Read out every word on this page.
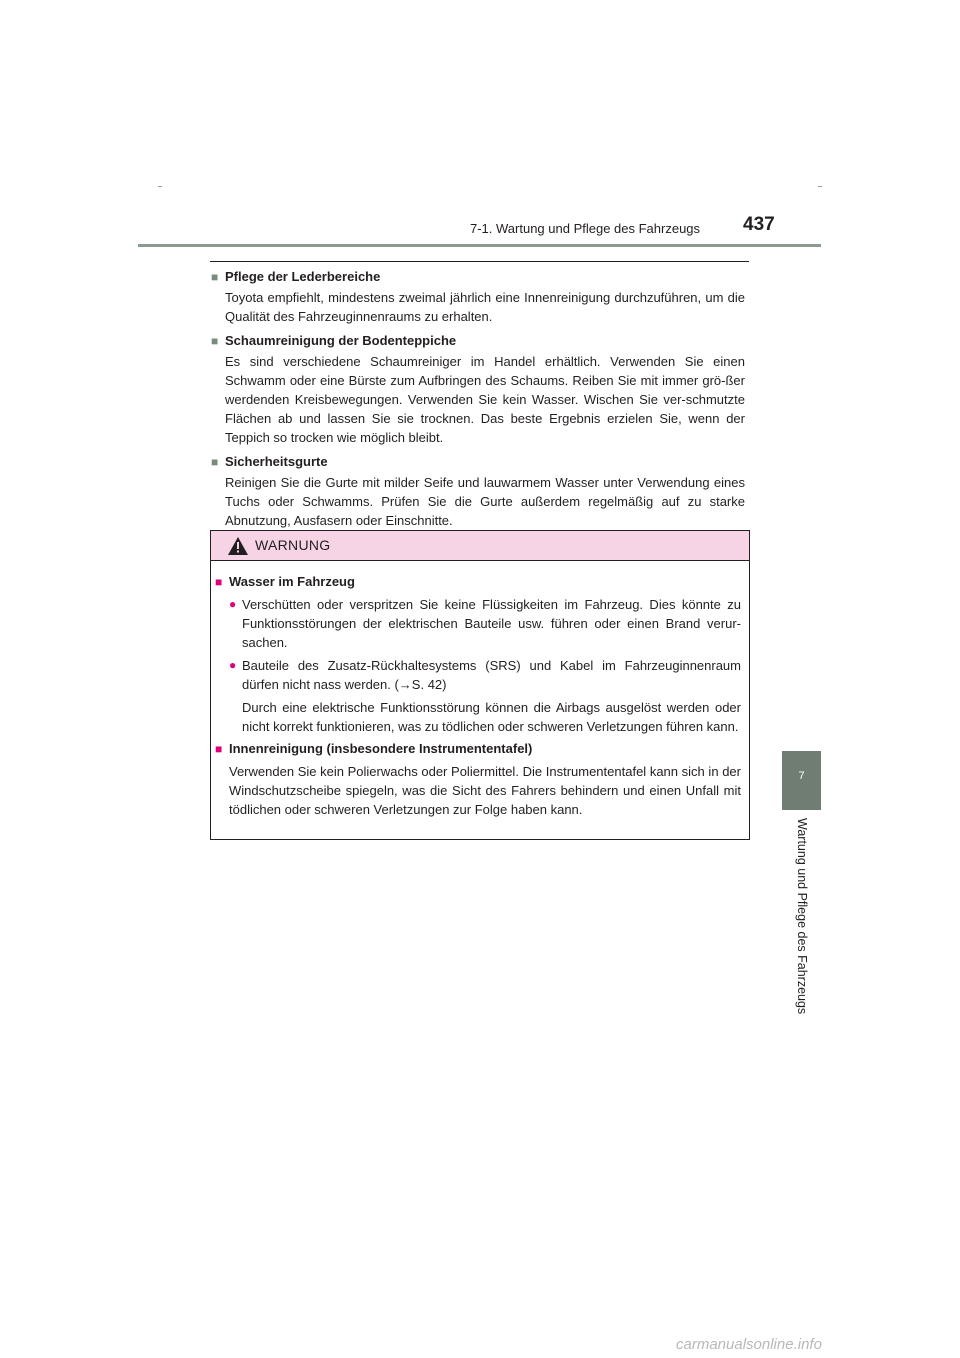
7-1. Wartung und Pflege des Fahrzeugs 437
7
Wartung und Pflege des Fahrzeugs
■ Pflege der Lederbereiche
Toyota empfiehlt, mindestens zweimal jährlich eine Innenreinigung durchzuführen, um die Qualität des Fahrzeuginnenraums zu erhalten.
■ Schaumreinigung der Bodenteppiche
Es sind verschiedene Schaumreiniger im Handel erhältlich. Verwenden Sie einen Schwamm oder eine Bürste zum Aufbringen des Schaums. Reiben Sie mit immer grö-ßer werdenden Kreisbewegungen. Verwenden Sie kein Wasser. Wischen Sie ver-schmutzte Flächen ab und lassen Sie sie trocknen. Das beste Ergebnis erzielen Sie, wenn der Teppich so trocken wie möglich bleibt.
■ Sicherheitsgurte
Reinigen Sie die Gurte mit milder Seife und lauwarmem Wasser unter Verwendung eines Tuchs oder Schwamms. Prüfen Sie die Gurte außerdem regelmäßig auf zu starke Abnutzung, Ausfasern oder Einschnitte.
WARNUNG
■ Wasser im Fahrzeug
● Verschütten oder verspritzen Sie keine Flüssigkeiten im Fahrzeug. Dies könnte zu Funktionsstörungen der elektrischen Bauteile usw. führen oder einen Brand verur-sachen.
● Bauteile des Zusatz-Rückhaltesystems (SRS) und Kabel im Fahrzeuginnenraum dürfen nicht nass werden. (→S. 42)
Durch eine elektrische Funktionsstörung können die Airbags ausgelöst werden oder nicht korrekt funktionieren, was zu tödlichen oder schweren Verletzungen führen kann.
■ Innenreinigung (insbesondere Instrumententafel)
Verwenden Sie kein Polierwachs oder Poliermittel. Die Instrumententafel kann sich in der Windschutzscheibe spiegeln, was die Sicht des Fahrers behindern und einen Unfall mit tödlichen oder schweren Verletzungen zur Folge haben kann.
carmanualsonline.info
